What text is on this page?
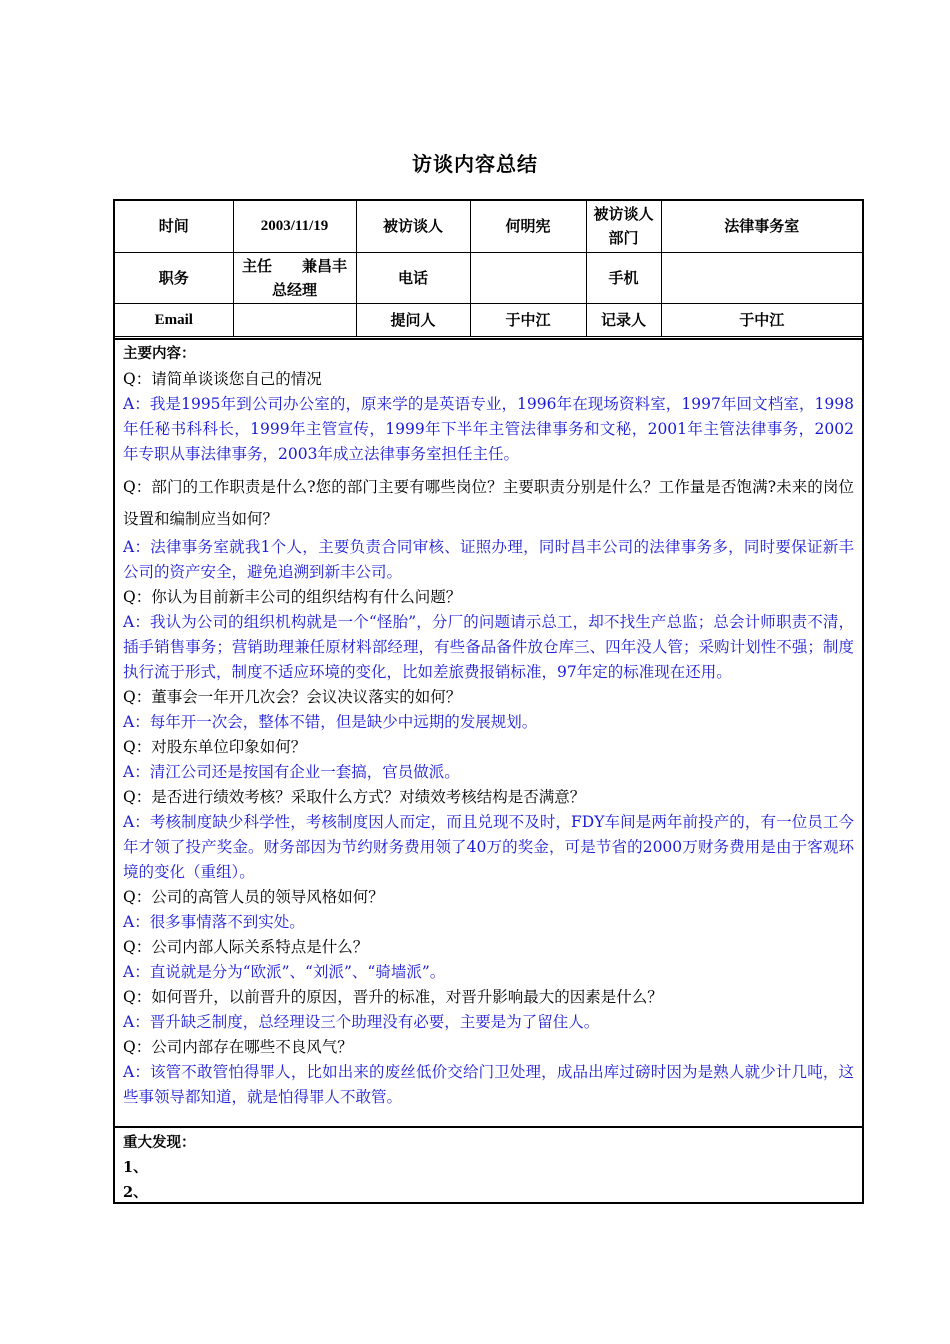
访谈内容总结
时间	2003/11/19	被访谈人	何明宪	被访谈人部门	法律事务室
职务	主任　　兼昌丰总经理	电话		手机	
Email		提问人	于中江	记录人	于中江

主要内容：

Q：请简单谈谈您自己的情况

A：我是1995年到公司办公室的，原来学的是英语专业，1996年在现场资料室，1997年回文档室，1998年任秘书科科长，1999年主管宣传，1999年下半年主管法律事务和文秘，2001年主管法律事务，2002年专职从事法律事务，2003年成立法律事务室担任主任。

Q：部门的工作职责是什么?您的部门主要有哪些岗位？主要职责分别是什么？工作量是否饱满?未来的岗位设置和编制应当如何？

A：法律事务室就我1个人，主要负责合同审核、证照办理，同时昌丰公司的法律事务多，同时要保证新丰公司的资产安全，避免追溯到新丰公司。

Q：你认为目前新丰公司的组织结构有什么问题？

A：我认为公司的组织机构就是一个“怪胎”，分厂的问题请示总工，却不找生产总监；总会计师职责不清，插手销售事务；营销助理兼任原材料部经理，有些备品备件放仓库三、四年没人管；采购计划性不强；制度执行流于形式，制度不适应环境的变化，比如差旅费报销标准，97年定的标准现在还用。

Q：董事会一年开几次会？会议决议落实的如何？

A：每年开一次会，整体不错，但是缺少中远期的发展规划。

Q：对股东单位印象如何？

A：清江公司还是按国有企业一套搞，官员做派。

Q：是否进行绩效考核？采取什么方式？对绩效考核结构是否满意？

A：考核制度缺少科学性，考核制度因人而定，而且兑现不及时，FDY车间是两年前投产的，有一位员工今年才领了投产奖金。财务部因为节约财务费用领了40万的奖金，可是节省的2000万财务费用是由于客观环境的变化（重组）。

Q：公司的高管人员的领导风格如何？

A：很多事情落不到实处。

Q：公司内部人际关系特点是什么？

A：直说就是分为“欧派”、“刘派”、“骑墙派”。

Q：如何晋升，以前晋升的原因，晋升的标准，对晋升影响最大的因素是什么？

A：晋升缺乏制度，总经理设三个助理没有必要，主要是为了留住人。

Q：公司内部存在哪些不良风气？

A：该管不敢管怕得罪人，比如出来的废丝低价交给门卫处理，成品出库过磅时因为是熟人就少计几吨，这些事领导都知道，就是怕得罪人不敢管。

重大发现：

1、

2、
